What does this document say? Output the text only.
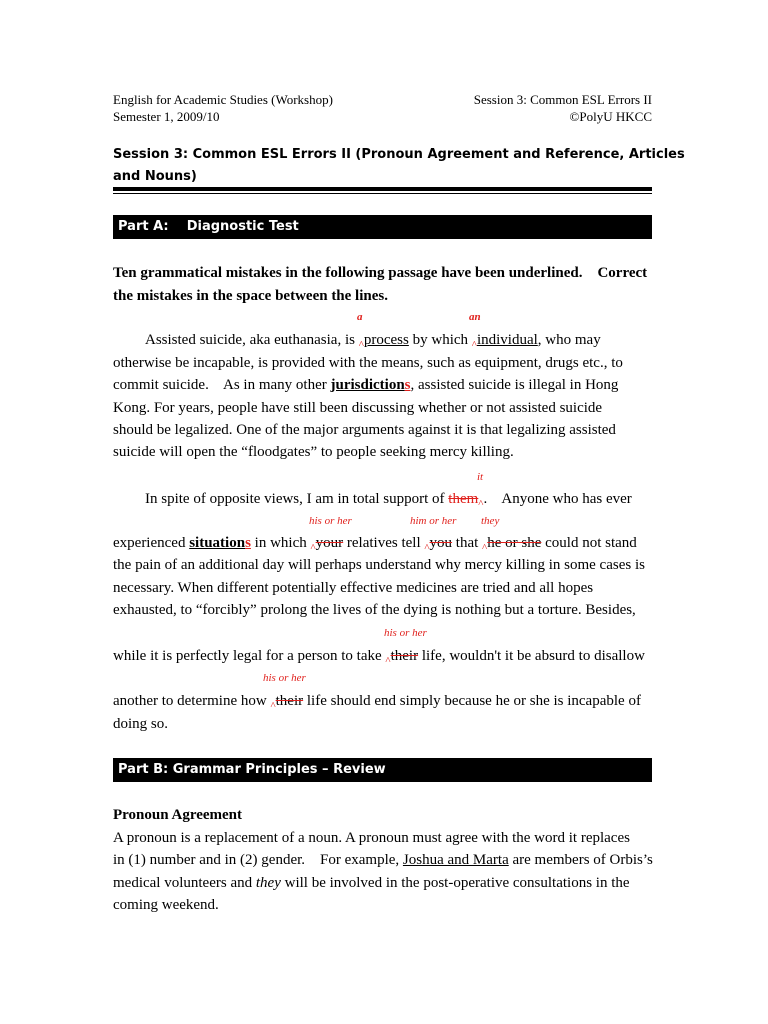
English for Academic Studies (Workshop)
Semester 1, 2009/10
Session 3: Common ESL Errors II
©PolyU HKCC
Session 3: Common ESL Errors II (Pronoun Agreement and Reference, Articles
and Nouns)
Part A:    Diagnostic Test
Ten grammatical mistakes in the following passage have been underlined.    Correct
the mistakes in the space between the lines.
a	an
Assisted suicide, aka euthanasia, is $_{\^{}}$process by which $_{\^{}}$individual, who may
otherwise be incapable, is provided with the means, such as equipment, drugs etc., to
commit suicide.    As in many other jurisdictions, assisted suicide is illegal in Hong
Kong. For years, people have still been discussing whether or not assisted suicide
should be legalized. One of the major arguments against it is that legalizing assisted
suicide will open the “floodgates” to people seeking mercy killing.
it
In spite of opposite views, I am in total support of them$_{\^{}}$.    Anyone who has ever
his or her	him or her they
experienced situations in which $_{\^{}}$your relatives tell $_{\^{}}$you that $_{\^{}}$he or she could not stand
the pain of an additional day will perhaps understand why mercy killing in some cases is
necessary. When different potentially effective medicines are tried and all hopes
exhausted, to “forcibly” prolong the lives of the dying is nothing but a torture. Besides,
his or her
while it is perfectly legal for a person to take $_{\^{}}$their life, wouldn't it be absurd to disallow
his or her
another to determine how $_{\^{}}$their life should end simply because he or she is incapable of
doing so.
Part B: Grammar Principles – Review
Pronoun Agreement
A pronoun is a replacement of a noun. A pronoun must agree with the word it replaces
in (1) number and in (2) gender.    For example, Joshua and Marta are members of Orbis’s
medical volunteers and they will be involved in the post-operative consultations in the
coming weekend.
